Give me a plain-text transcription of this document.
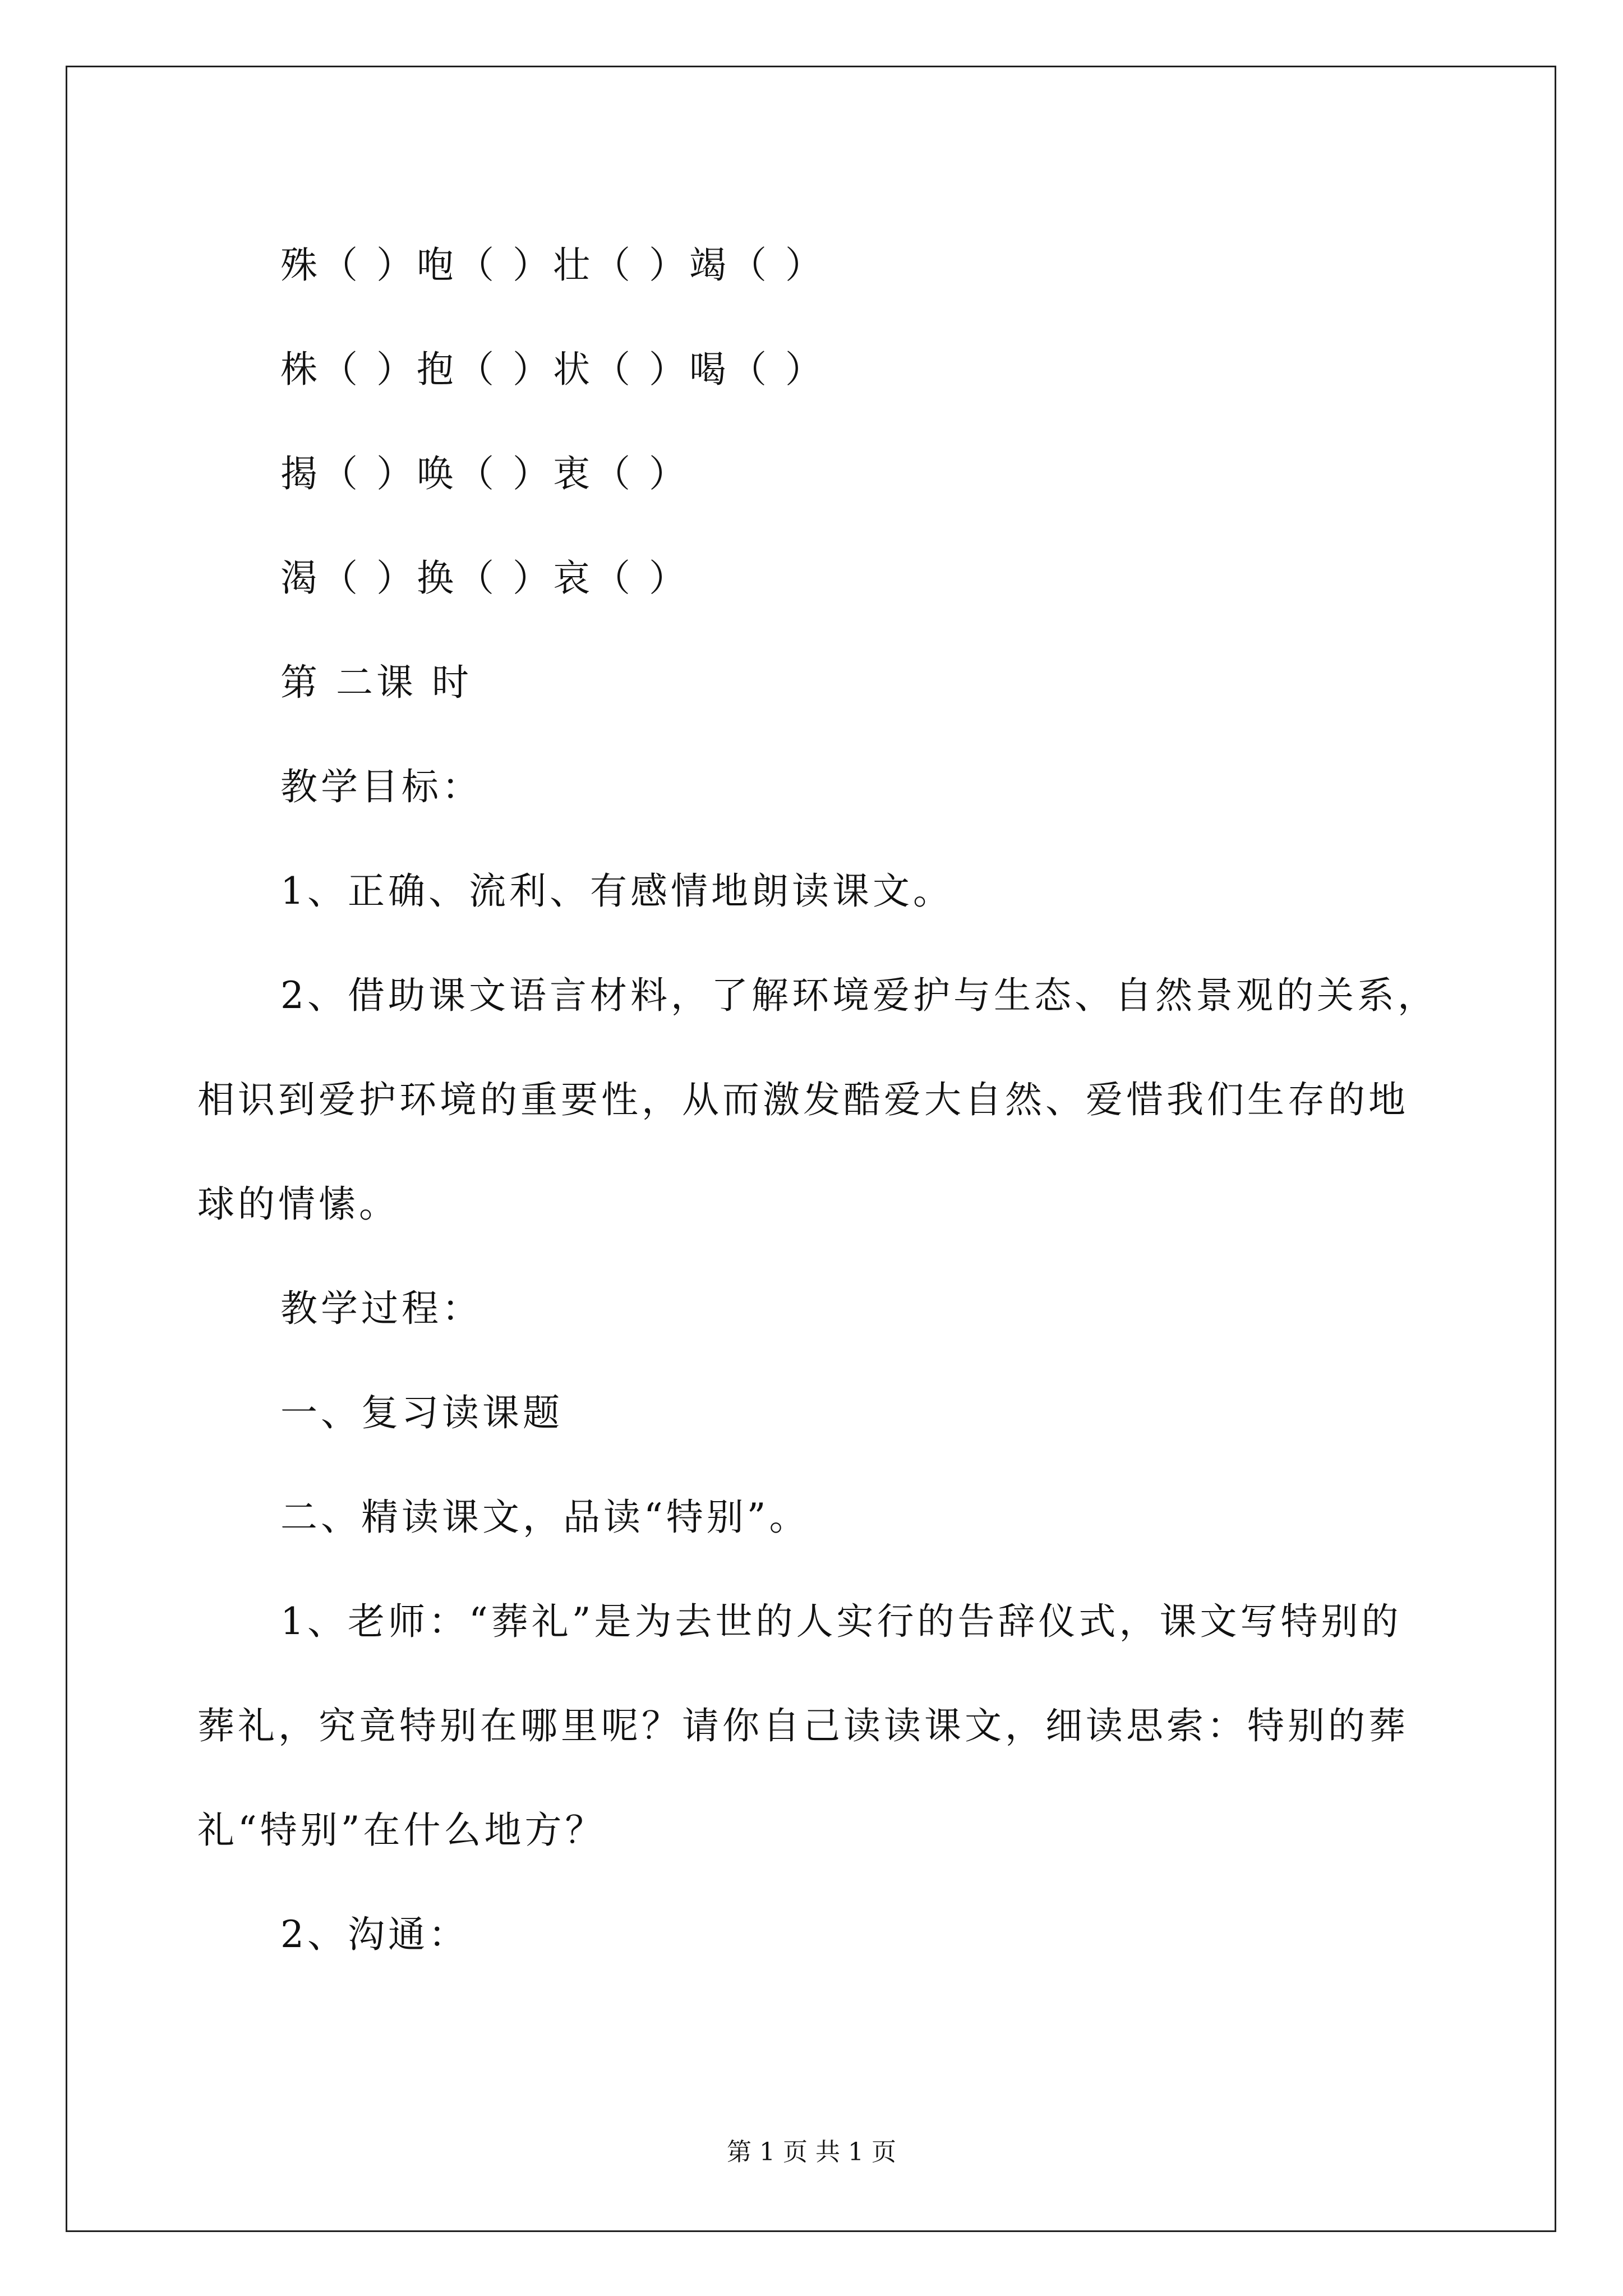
殊（ ）咆（ ）壮（ ）竭（ ）
株（ ）抱（ ）状（ ）喝（ ）
揭（ ）唤（ ）衷（ ）
渴（ ）换（ ）哀（ ）
第 二课 时
教学目标：
1、正确、流利、有感情地朗读课文。
2、借助课文语言材料，了解环境爱护与生态、自然景观的关系，
相识到爱护环境的重要性，从而激发酷爱大自然、爱惜我们生存的地
球的情愫。
教学过程：
一、复习读课题
二、精读课文，品读“特别”。
1、老师：“葬礼”是为去世的人实行的告辞仪式，课文写特别的
葬礼，究竟特别在哪里呢？请你自己读读课文，细读思索：特别的葬
礼“特别”在什么地方？
2、沟通：
第 1 页 共 1 页
